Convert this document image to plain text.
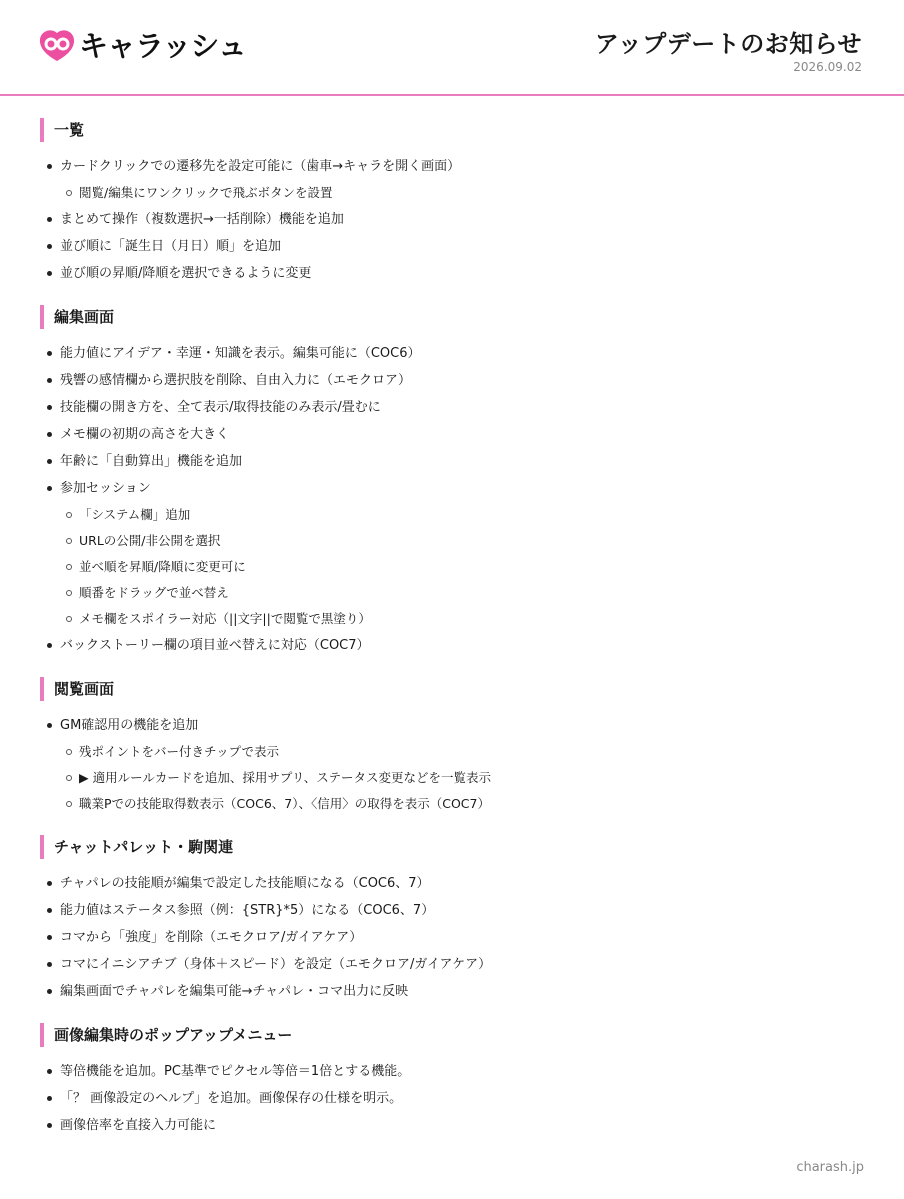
キャラッシュ	アップデートのお知らせ
2026.09.02
一覧
カードクリックでの遷移先を設定可能に（歯車→キャラを開く画面）
閲覧/編集にワンクリックで飛ぶボタンを設置
まとめて操作（複数選択→一括削除）機能を追加
並び順に「誕生日（月日）順」を追加
並び順の昇順/降順を選択できるように変更
編集画面
能力値にアイデア・幸運・知識を表示。編集可能に（COC6）
残響の感情欄から選択肢を削除、自由入力に（エモクロア）
技能欄の開き方を、全て表示/取得技能のみ表示/畳むに
メモ欄の初期の高さを大きく
年齢に「自動算出」機能を追加
参加セッション
「システム欄」追加
URLの公開/非公開を選択
並べ順を昇順/降順に変更可に
順番をドラッグで並べ替え
メモ欄をスポイラー対応（||文字||で閲覧で黒塗り）
バックストーリー欄の項目並べ替えに対応（COC7）
閲覧画面
GM確認用の機能を追加
残ポイントをバー付きチップで表示
▶ 適用ルールカードを追加、採用サプリ、ステータス変更などを一覧表示
職業Pでの技能取得数表示（COC6、7）、〈信用〉の取得を表示（COC7）
チャットパレット・駒関連
チャパレの技能順が編集で設定した技能順になる（COC6、7）
能力値はステータス参照（例：{STR}*5）になる（COC6、7）
コマから「強度」を削除（エモクロア/ガイアケア）
コマにイニシアチブ（身体＋スピード）を設定（エモクロア/ガイアケア）
編集画面でチャパレを編集可能→チャパレ・コマ出力に反映
画像編集時のポップアップメニュー
等倍機能を追加。PC基準でピクセル等倍＝1倍とする機能。
「？ 画像設定のヘルプ」を追加。画像保存の仕様を明示。
画像倍率を直接入力可能に
charash.jp
